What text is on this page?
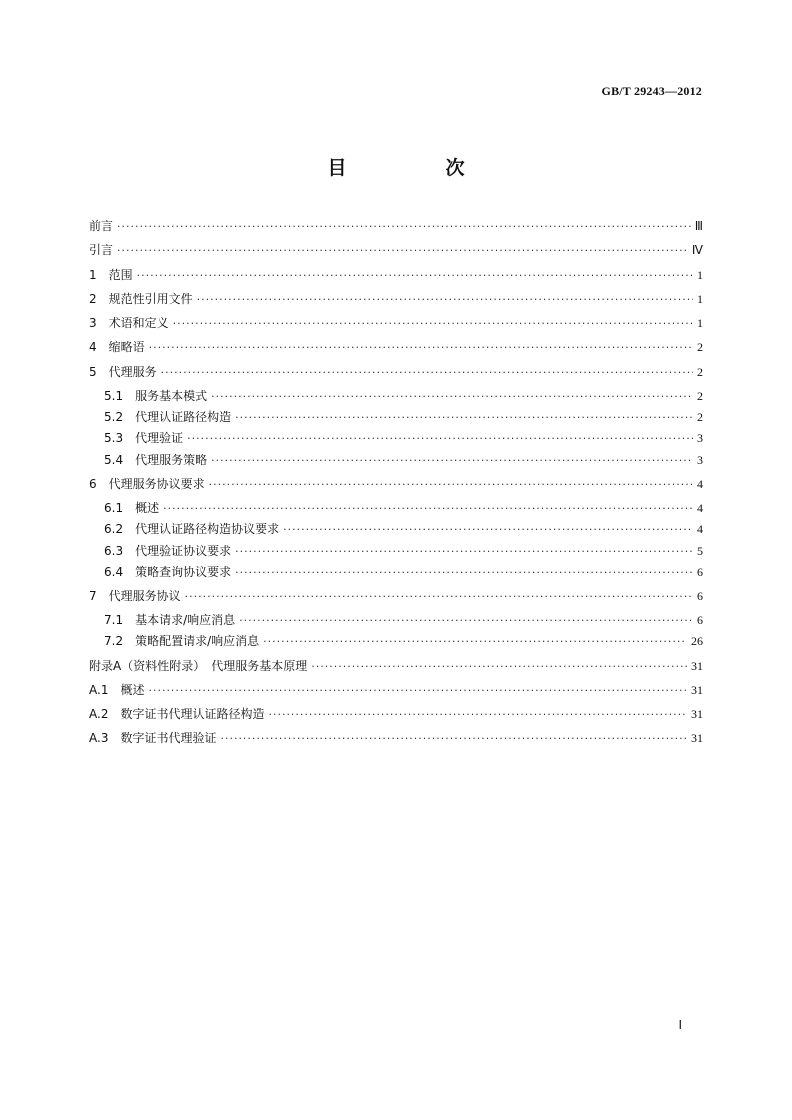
GB/T 29243—2012
目　次
前言 ·····	Ⅲ
引言 ·····	Ⅳ
1　范围 ·····	1
2　规范性引用文件 ·····	1
3　术语和定义 ·····	1
4　缩略语 ·····	2
5　代理服务 ·····	2
5.1　服务基本模式 ·····	2
5.2　代理认证路径构造 ·····	2
5.3　代理验证 ·····	3
5.4　代理服务策略 ·····	3
6　代理服务协议要求 ·····	4
6.1　概述 ·····	4
6.2　代理认证路径构造协议要求 ·····	4
6.3　代理验证协议要求 ·····	5
6.4　策略查询协议要求 ·····	6
7　代理服务协议 ·····	6
7.1　基本请求/响应消息 ·····	6
7.2　策略配置请求/响应消息 ·····	26
附录A（资料性附录）　代理服务基本原理 ·····	31
A.1　概述 ·····	31
A.2　数字证书代理认证路径构造 ·····	31
A.3　数字证书代理验证 ·····	31
Ⅰ
